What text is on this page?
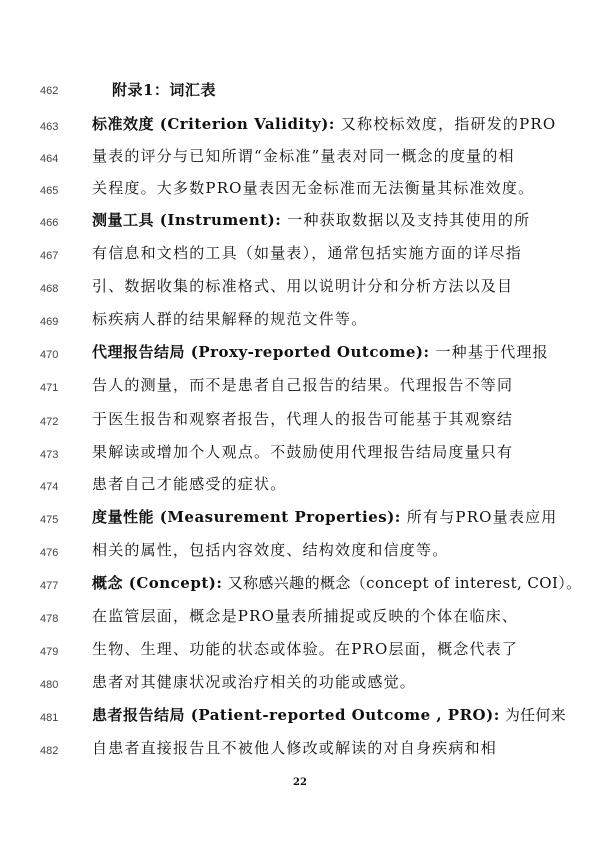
462	附录1：词汇表
463	标准效度 (Criterion Validity): 又称校标效度，指研发的PRO
464	量表的评分与已知所谓“金标准”量表对同一概念的度量的相
465	关程度。大多数PRO量表因无金标准而无法衡量其标准效度。
466	测量工具 (Instrument): 一种获取数据以及支持其使用的所
467	有信息和文档的工具（如量表），通常包括实施方面的详尽指
468	引、数据收集的标准格式、用以说明计分和分析方法以及目
469	标疾病人群的结果解释的规范文件等。
470	代理报告结局 (Proxy-reported Outcome): 一种基于代理报
471	告人的测量，而不是患者自己报告的结果。代理报告不等同
472	于医生报告和观察者报告，代理人的报告可能基于其观察结
473	果解读或增加个人观点。不鼓励使用代理报告结局度量只有
474	患者自己才能感受的症状。
475	度量性能 (Measurement Properties): 所有与PRO量表应用
476	相关的属性，包括内容效度、结构效度和信度等。
477	概念 (Concept): 又称感兴趣的概念（concept of interest, COI）。
478	在监管层面，概念是PRO量表所捕捉或反映的个体在临床、
479	生物、生理、功能的状态或体验。在PRO层面，概念代表了
480	患者对其健康状况或治疗相关的功能或感觉。
481	患者报告结局 (Patient-reported Outcome , PRO): 为任何来
482	自患者直接报告且不被他人修改或解读的对自身疾病和相
22
